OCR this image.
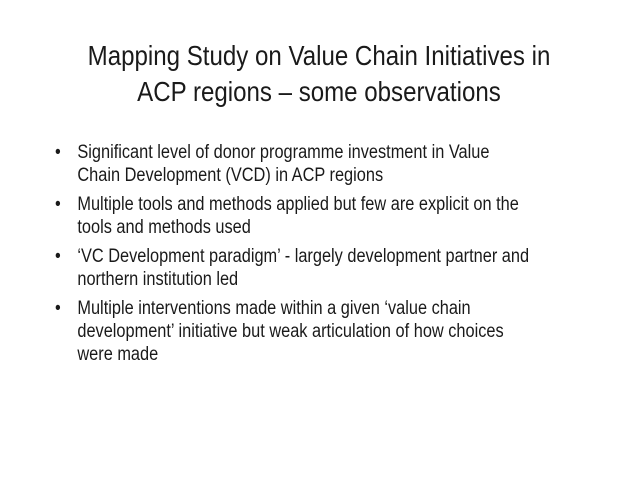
Mapping Study on Value Chain Initiatives in
ACP regions – some observations
• Significant level of donor programme investment in Value
Chain Development (VCD) in ACP regions
• Multiple tools and methods applied but few are explicit on the
tools and methods used
• ‘VC Development paradigm’ - largely development partner and
northern institution led
• Multiple interventions made within a given ‘value chain
development’ initiative but weak articulation of how choices
were made
